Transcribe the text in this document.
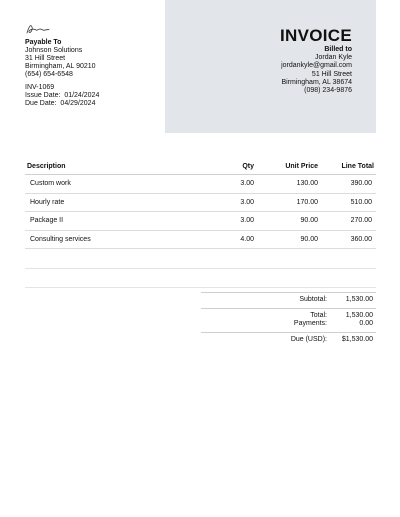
Payable To
Johnson Solutions
31 Hill Street
Birmingham, AL 90210
(654) 654-6548
INV-1069
Issue Date: 01/24/2024
Due Date: 04/29/2024
INVOICE
Billed to
Jordan Kyle
jordankyle@gmail.com
51 Hill Street
Birmingham, AL 38674
(098) 234-9876
Description	Qty	Unit Price	Line Total
Custom work	3.00	130.00	390.00
Hourly rate	3.00	170.00	510.00
Package II	3.00	90.00	270.00
Consulting services	4.00	90.00	360.00
Subtotal:	1,530.00
Total:	1,530.00
Payments:	0.00
Due (USD):	$1,530.00
